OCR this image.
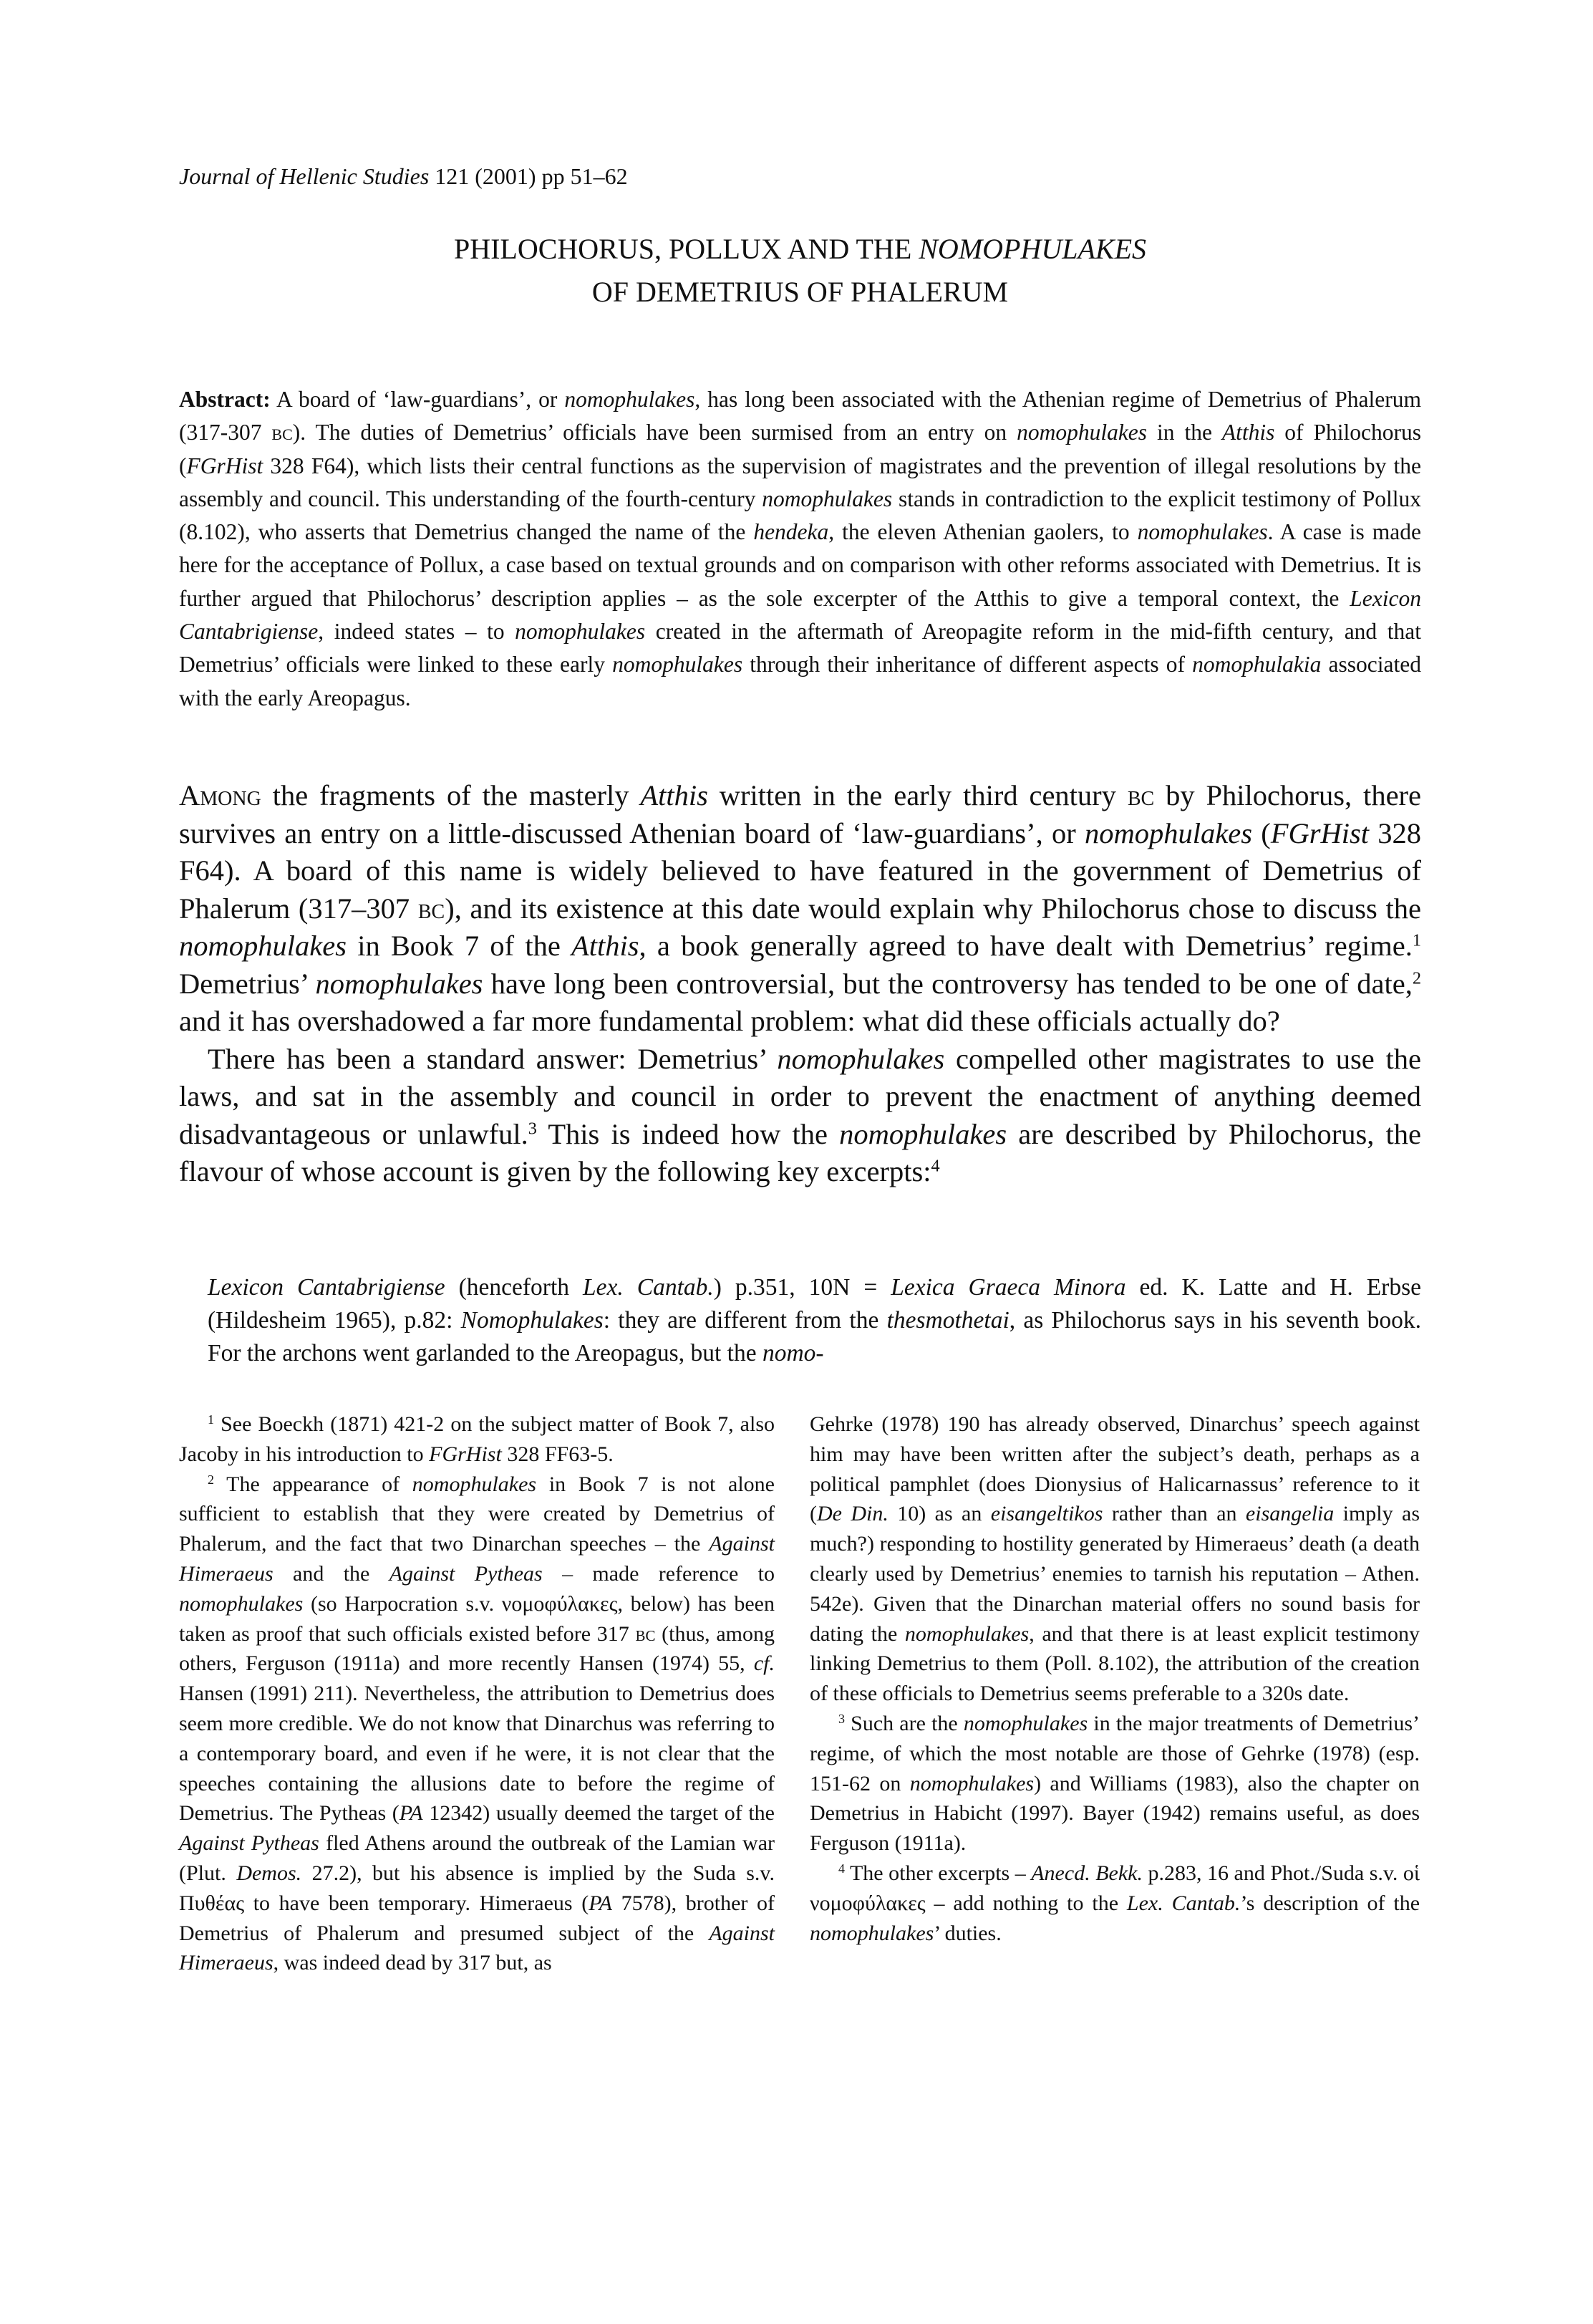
Journal of Hellenic Studies 121 (2001) pp 51–62
PHILOCHORUS, POLLUX AND THE NOMOPHULAKES
OF DEMETRIUS OF PHALERUM
Abstract: A board of ‘law-guardians’, or nomophulakes, has long been associated with the Athenian regime of Demetrius of Phalerum (317-307 bc). The duties of Demetrius’ officials have been surmised from an entry on nomophulakes in the Atthis of Philochorus (FGrHist 328 F64), which lists their central functions as the supervision of magistrates and the prevention of illegal resolutions by the assembly and council. This understanding of the fourth-century nomophulakes stands in contradiction to the explicit testimony of Pollux (8.102), who asserts that Demetrius changed the name of the hendeka, the eleven Athenian gaolers, to nomophulakes. A case is made here for the acceptance of Pollux, a case based on textual grounds and on comparison with other reforms associated with Demetrius. It is further argued that Philochorus’ description applies – as the sole excerpter of the Atthis to give a temporal context, the Lexicon Cantabrigiense, indeed states – to nomophulakes created in the aftermath of Areopagite reform in the mid-fifth century, and that Demetrius’ officials were linked to these early nomophulakes through their inheritance of different aspects of nomophulakia associated with the early Areopagus.

Among the fragments of the masterly Atthis written in the early third century bc by Philochorus, there survives an entry on a little-discussed Athenian board of ‘law-guardians’, or nomophulakes (FGrHist 328 F64). A board of this name is widely believed to have featured in the government of Demetrius of Phalerum (317–307 bc), and its existence at this date would explain why Philochorus chose to discuss the nomophulakes in Book 7 of the Atthis, a book generally agreed to have dealt with Demetrius’ regime.$^1$ Demetrius’ nomophulakes have long been controversial, but the controversy has tended to be one of date,$^2$ and it has overshadowed a far more fundamental problem: what did these officials actually do?

There has been a standard answer: Demetrius’ nomophulakes compelled other magistrates to use the laws, and sat in the assembly and council in order to prevent the enactment of anything deemed disadvantageous or unlawful.$^3$ This is indeed how the nomophulakes are described by Philochorus, the flavour of whose account is given by the following key excerpts:$^4$

Lexicon Cantabrigiense (henceforth Lex. Cantab.) p.351, 10N = Lexica Graeca Minora ed. K. Latte and H. Erbse (Hildesheim 1965), p.82: Nomophulakes: they are different from the thesmothetai, as Philochorus says in his seventh book. For the archons went garlanded to the Areopagus, but the nomo-

$^1$ See Boeckh (1871) 421-2 on the subject matter of Book 7, also Jacoby in his introduction to FGrHist 328 FF63-5.

$^2$ The appearance of nomophulakes in Book 7 is not alone sufficient to establish that they were created by Demetrius of Phalerum, and the fact that two Dinarchan speeches – the Against Himeraeus and the Against Pytheas – made reference to nomophulakes (so Harpocration s.v. νομοφύλακες, below) has been taken as proof that such officials existed before 317 bc (thus, among others, Ferguson (1911a) and more recently Hansen (1974) 55, cf. Hansen (1991) 211). Nevertheless, the attribution to Demetrius does seem more credible. We do not know that Dinarchus was referring to a contemporary board, and even if he were, it is not clear that the speeches containing the allusions date to before the regime of Demetrius. The Pytheas (PA 12342) usually deemed the target of the Against Pytheas fled Athens around the outbreak of the Lamian war (Plut. Demos. 27.2), but his absence is implied by the Suda s.v. Πυθέας to have been temporary. Himeraeus (PA 7578), brother of Demetrius of Phalerum and presumed subject of the Against Himeraeus, was indeed dead by 317 but, as

Gehrke (1978) 190 has already observed, Dinarchus’ speech against him may have been written after the subject’s death, perhaps as a political pamphlet (does Dionysius of Halicarnassus’ reference to it (De Din. 10) as an eisangeltikos rather than an eisangelia imply as much?) responding to hostility generated by Himeraeus’ death (a death clearly used by Demetrius’ enemies to tarnish his reputation – Athen. 542e). Given that the Dinarchan material offers no sound basis for dating the nomophulakes, and that there is at least explicit testimony linking Demetrius to them (Poll. 8.102), the attribution of the creation of these officials to Demetrius seems preferable to a 320s date.

$^3$ Such are the nomophulakes in the major treatments of Demetrius’ regime, of which the most notable are those of Gehrke (1978) (esp. 151-62 on nomophulakes) and Williams (1983), also the chapter on Demetrius in Habicht (1997). Bayer (1942) remains useful, as does Ferguson (1911a).

$^4$ The other excerpts – Anecd. Bekk. p.283, 16 and Phot./Suda s.v. οἱ νομοφύλακες – add nothing to the Lex. Cantab.’s description of the nomophulakes’ duties.
